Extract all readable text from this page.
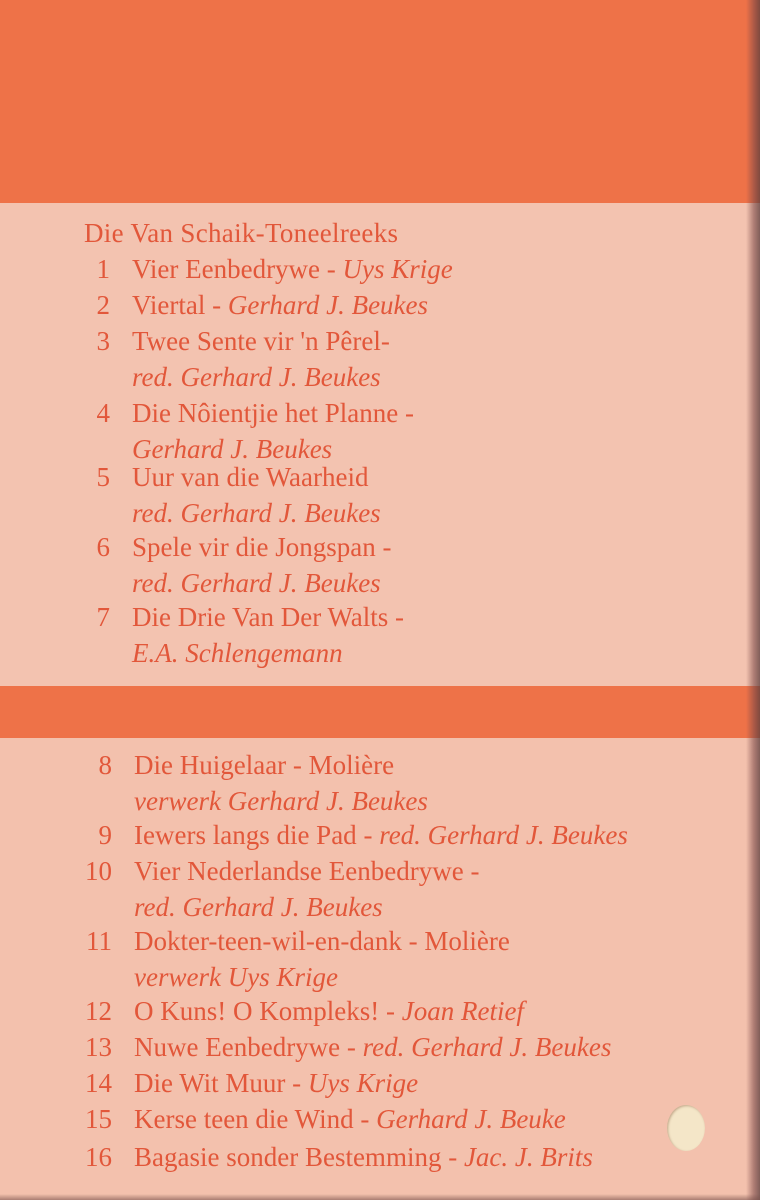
Die Van Schaik-Toneelreeks
1 Vier Eenbedrywe - Uys Krige
2 Viertal - Gerhard J. Beukes
3 Twee Sente vir 'n Pêrel-
red. Gerhard J. Beukes
4 Die Nôientjie het Planne -
Gerhard J. Beukes
5 Uur van die Waarheid
red. Gerhard J. Beukes
6 Spele vir die Jongspan -
red. Gerhard J. Beukes
7 Die Drie Van Der Walts -
E.A. Schlengemann
8 Die Huigelaar - Molière
verwerk Gerhard J. Beukes
9 Iewers langs die Pad - red. Gerhard J. Beukes
10 Vier Nederlandse Eenbedrywe -
red. Gerhard J. Beukes
11 Dokter-teen-wil-en-dank - Molière
verwerk Uys Krige
12 O Kuns! O Kompleks! - Joan Retief
13 Nuwe Eenbedrywe - red. Gerhard J. Beukes
14 Die Wit Muur - Uys Krige
15 Kerse teen die Wind - Gerhard J. Beuke
16 Bagasie sonder Bestemming - Jac. J. Brits
